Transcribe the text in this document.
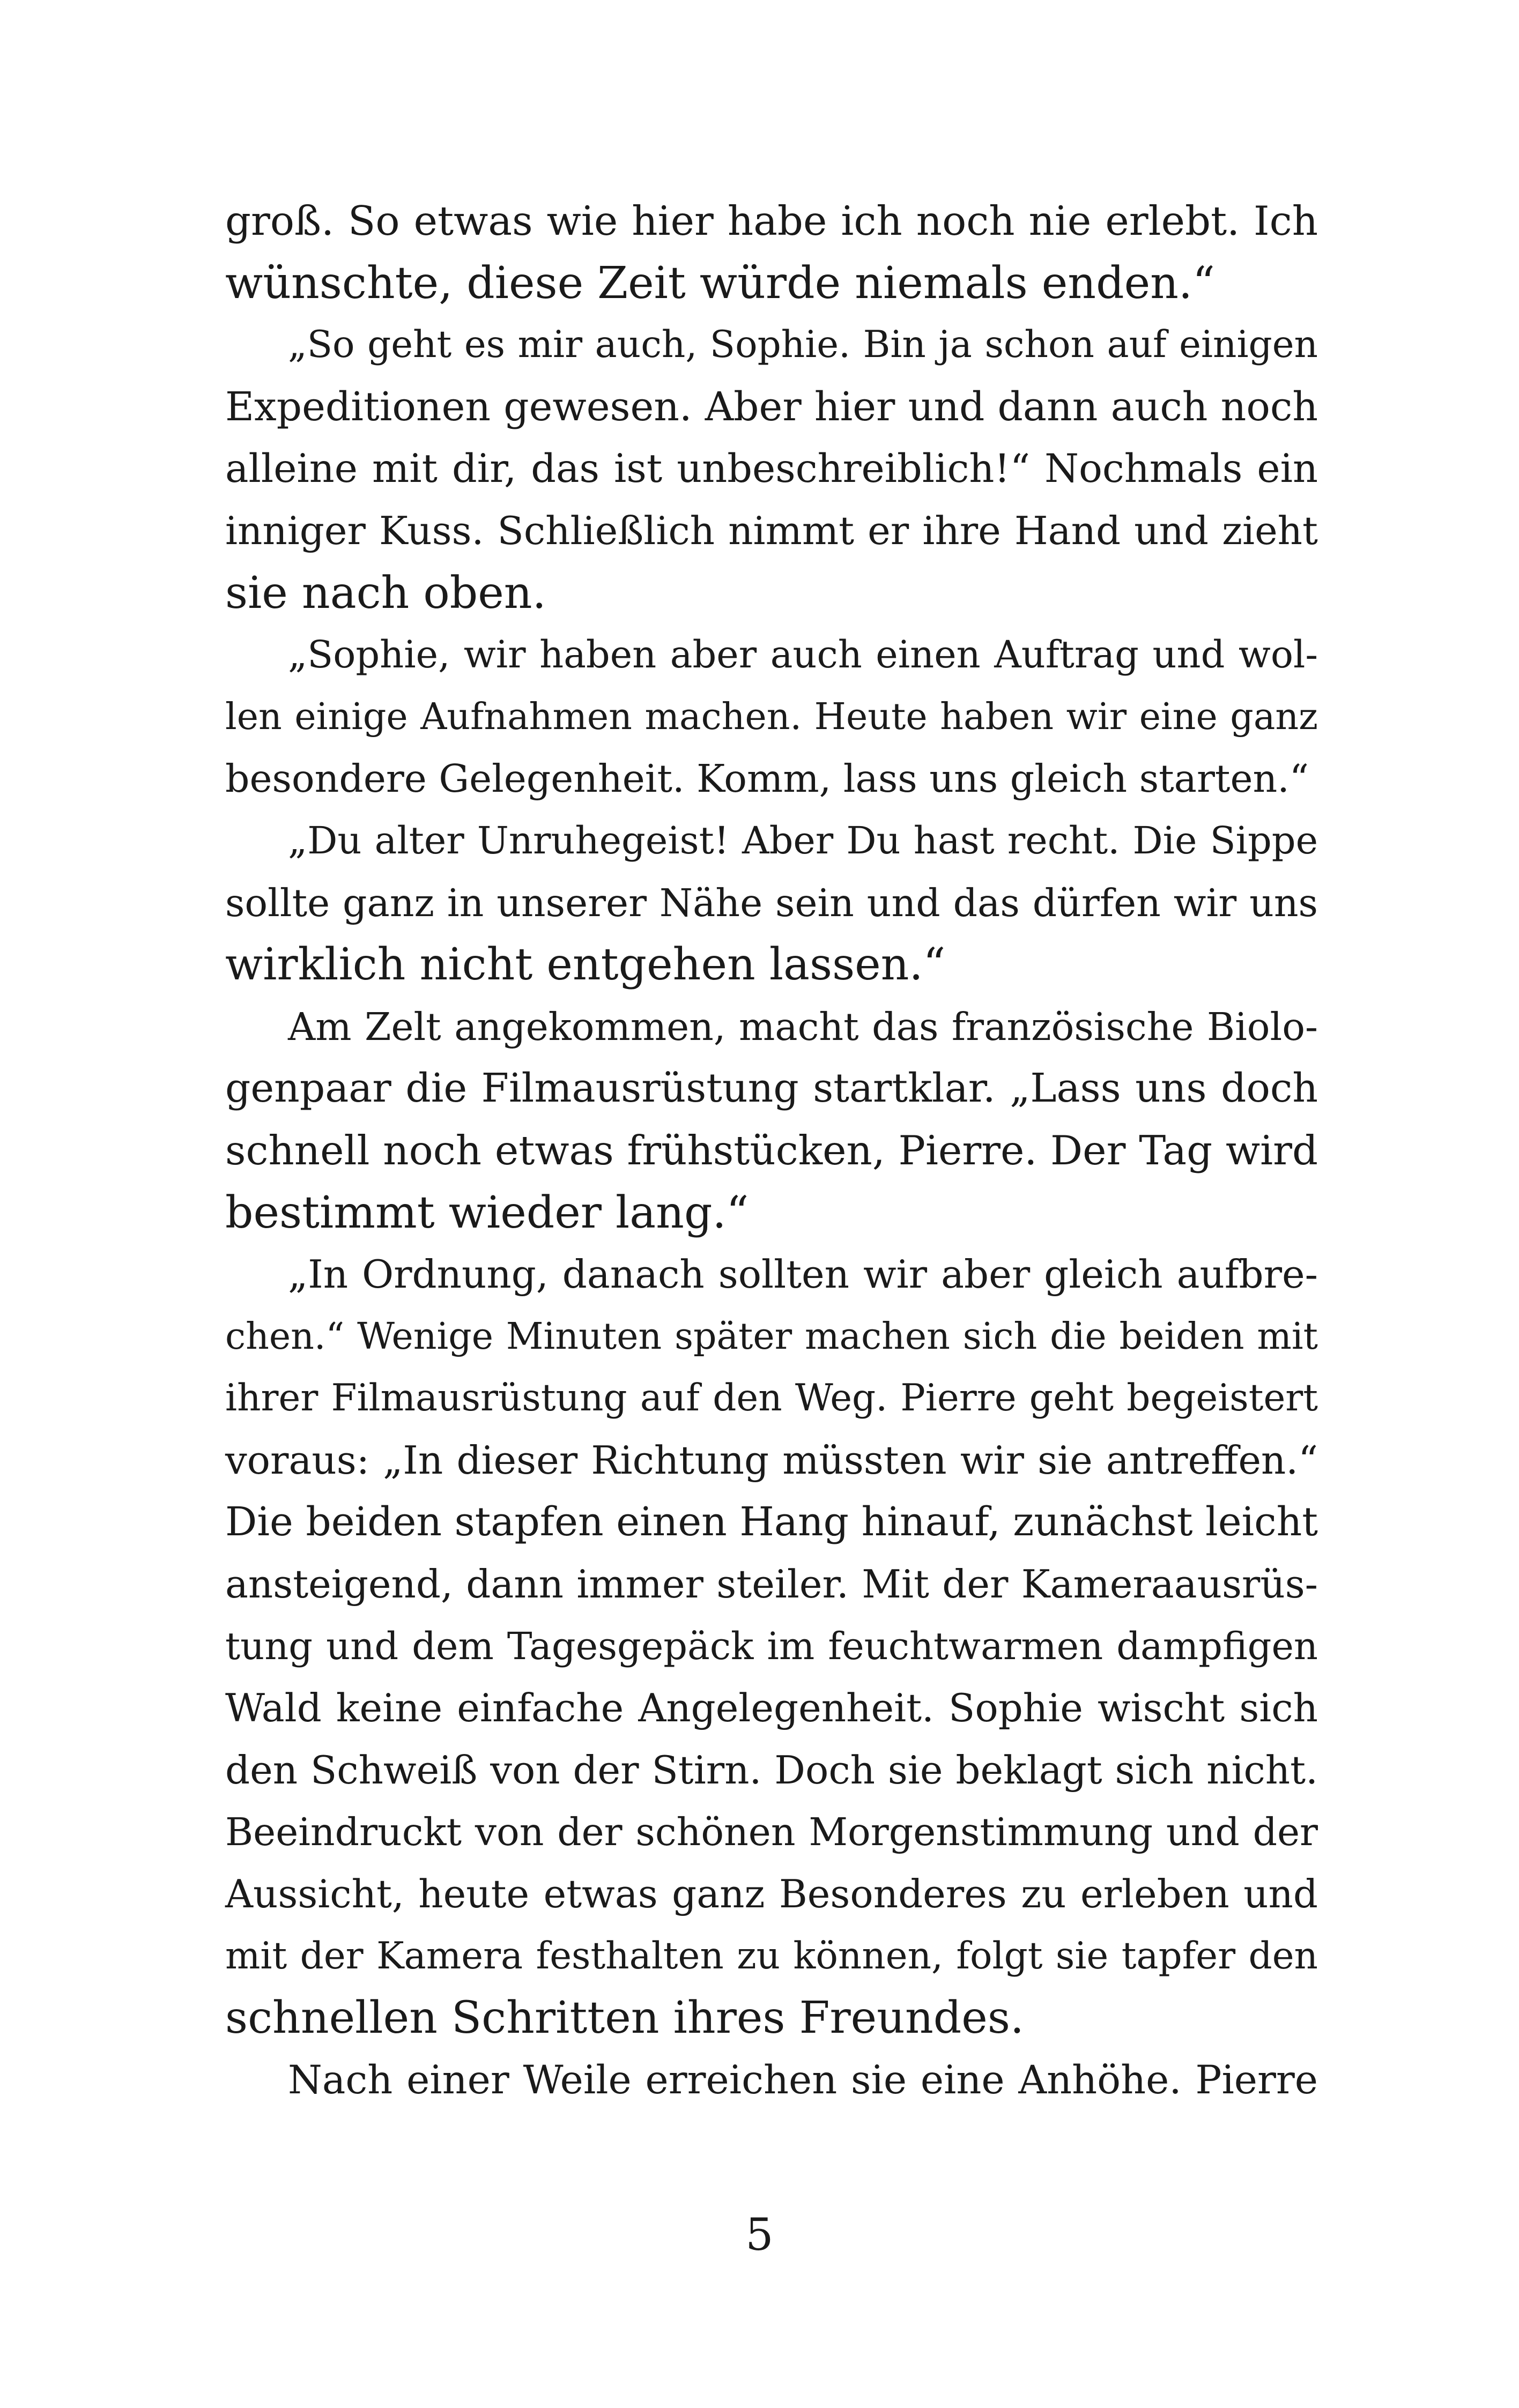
groß. So etwas wie hier habe ich noch nie erlebt. Ich
wünschte, diese Zeit würde niemals enden.“
„So geht es mir auch, Sophie. Bin ja schon auf einigen
Expeditionen gewesen. Aber hier und dann auch noch
alleine mit dir, das ist unbeschreiblich!“ Nochmals ein
inniger Kuss. Schließlich nimmt er ihre Hand und zieht
sie nach oben.
„Sophie, wir haben aber auch einen Auftrag und wol-
len einige Aufnahmen machen. Heute haben wir eine ganz
besondere Gelegenheit. Komm, lass uns gleich starten.“
„Du alter Unruhegeist! Aber Du hast recht. Die Sippe
sollte ganz in unserer Nähe sein und das dürfen wir uns
wirklich nicht entgehen lassen.“
Am Zelt angekommen, macht das französische Biolo-
genpaar die Filmausrüstung startklar. „Lass uns doch
schnell noch etwas frühstücken, Pierre. Der Tag wird
bestimmt wieder lang.“
„In Ordnung, danach sollten wir aber gleich aufbre-
chen.“ Wenige Minuten später machen sich die beiden mit
ihrer Filmausrüstung auf den Weg. Pierre geht begeistert
voraus: „In dieser Richtung müssten wir sie antreffen.“
Die beiden stapfen einen Hang hinauf, zunächst leicht
ansteigend, dann immer steiler. Mit der Kameraausrüs-
tung und dem Tagesgepäck im feuchtwarmen dampfigen
Wald keine einfache Angelegenheit. Sophie wischt sich
den Schweiß von der Stirn. Doch sie beklagt sich nicht.
Beeindruckt von der schönen Morgenstimmung und der
Aussicht, heute etwas ganz Besonderes zu erleben und
mit der Kamera festhalten zu können, folgt sie tapfer den
schnellen Schritten ihres Freundes.
Nach einer Weile erreichen sie eine Anhöhe. Pierre
5
